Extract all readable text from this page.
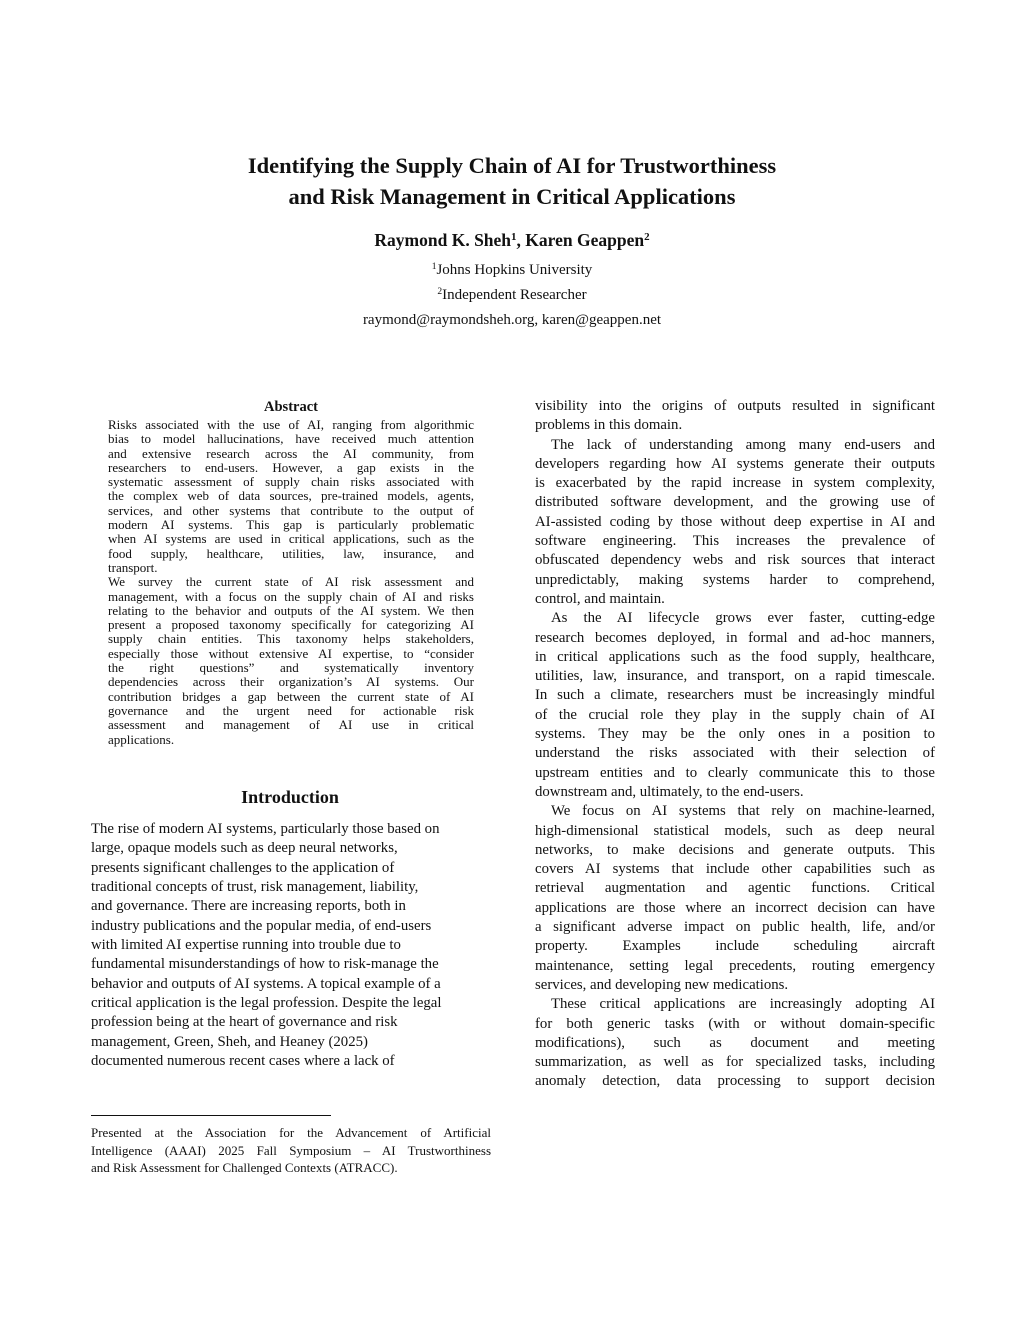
Identifying the Supply Chain of AI for Trustworthiness
and Risk Management in Critical Applications
Raymond K. Sheh$^1$, Karen Geappen$^2$
$^1$Johns Hopkins University
$^2$Independent Researcher
raymond@raymondsheh.org, karen@geappen.net
Abstract
Risks associated with the use of AI, ranging from algorithmic
bias to model hallucinations, have received much attention
and extensive research across the AI community, from
researchers to end-users. However, a gap exists in the
systematic assessment of supply chain risks associated with
the complex web of data sources, pre-trained models, agents,
services, and other systems that contribute to the output of
modern AI systems. This gap is particularly problematic
when AI systems are used in critical applications, such as the
food supply, healthcare, utilities, law, insurance, and
transport.
We survey the current state of AI risk assessment and
management, with a focus on the supply chain of AI and risks
relating to the behavior and outputs of the AI system. We then
present a proposed taxonomy specifically for categorizing AI
supply chain entities. This taxonomy helps stakeholders,
especially those without extensive AI expertise, to “consider
the right questions” and systematically inventory
dependencies across their organization’s AI systems. Our
contribution bridges a gap between the current state of AI
governance and the urgent need for actionable risk
assessment and management of AI use in critical
applications.
Introduction
The rise of modern AI systems, particularly those based on
large, opaque models such as deep neural networks,
presents significant challenges to the application of
traditional concepts of trust, risk management, liability,
and governance. There are increasing reports, both in
industry publications and the popular media, of end-users
with limited AI expertise running into trouble due to
fundamental misunderstandings of how to risk-manage the
behavior and outputs of AI systems. A topical example of a
critical application is the legal profession. Despite the legal
profession being at the heart of governance and risk
management, Green, Sheh, and Heaney (2025)
documented numerous recent cases where a lack of
visibility into the origins of outputs resulted in significant
problems in this domain.
The lack of understanding among many end-users and
developers regarding how AI systems generate their outputs
is exacerbated by the rapid increase in system complexity,
distributed software development, and the growing use of
AI-assisted coding by those without deep expertise in AI and
software engineering. This increases the prevalence of
obfuscated dependency webs and risk sources that interact
unpredictably, making systems harder to comprehend,
control, and maintain.
As the AI lifecycle grows ever faster, cutting-edge
research becomes deployed, in formal and ad-hoc manners,
in critical applications such as the food supply, healthcare,
utilities, law, insurance, and transport, on a rapid timescale.
In such a climate, researchers must be increasingly mindful
of the crucial role they play in the supply chain of AI
systems. They may be the only ones in a position to
understand the risks associated with their selection of
upstream entities and to clearly communicate this to those
downstream and, ultimately, to the end-users.
We focus on AI systems that rely on machine-learned,
high-dimensional statistical models, such as deep neural
networks, to make decisions and generate outputs. This
covers AI systems that include other capabilities such as
retrieval augmentation and agentic functions. Critical
applications are those where an incorrect decision can have
a significant adverse impact on public health, life, and/or
property. Examples include scheduling aircraft
maintenance, setting legal precedents, routing emergency
services, and developing new medications.
These critical applications are increasingly adopting AI
for both generic tasks (with or without domain-specific
modifications), such as document and meeting
summarization, as well as for specialized tasks, including
anomaly detection, data processing to support decision
Presented at the Association for the Advancement of Artificial
Intelligence (AAAI) 2025 Fall Symposium – AI Trustworthiness
and Risk Assessment for Challenged Contexts (ATRACC).
